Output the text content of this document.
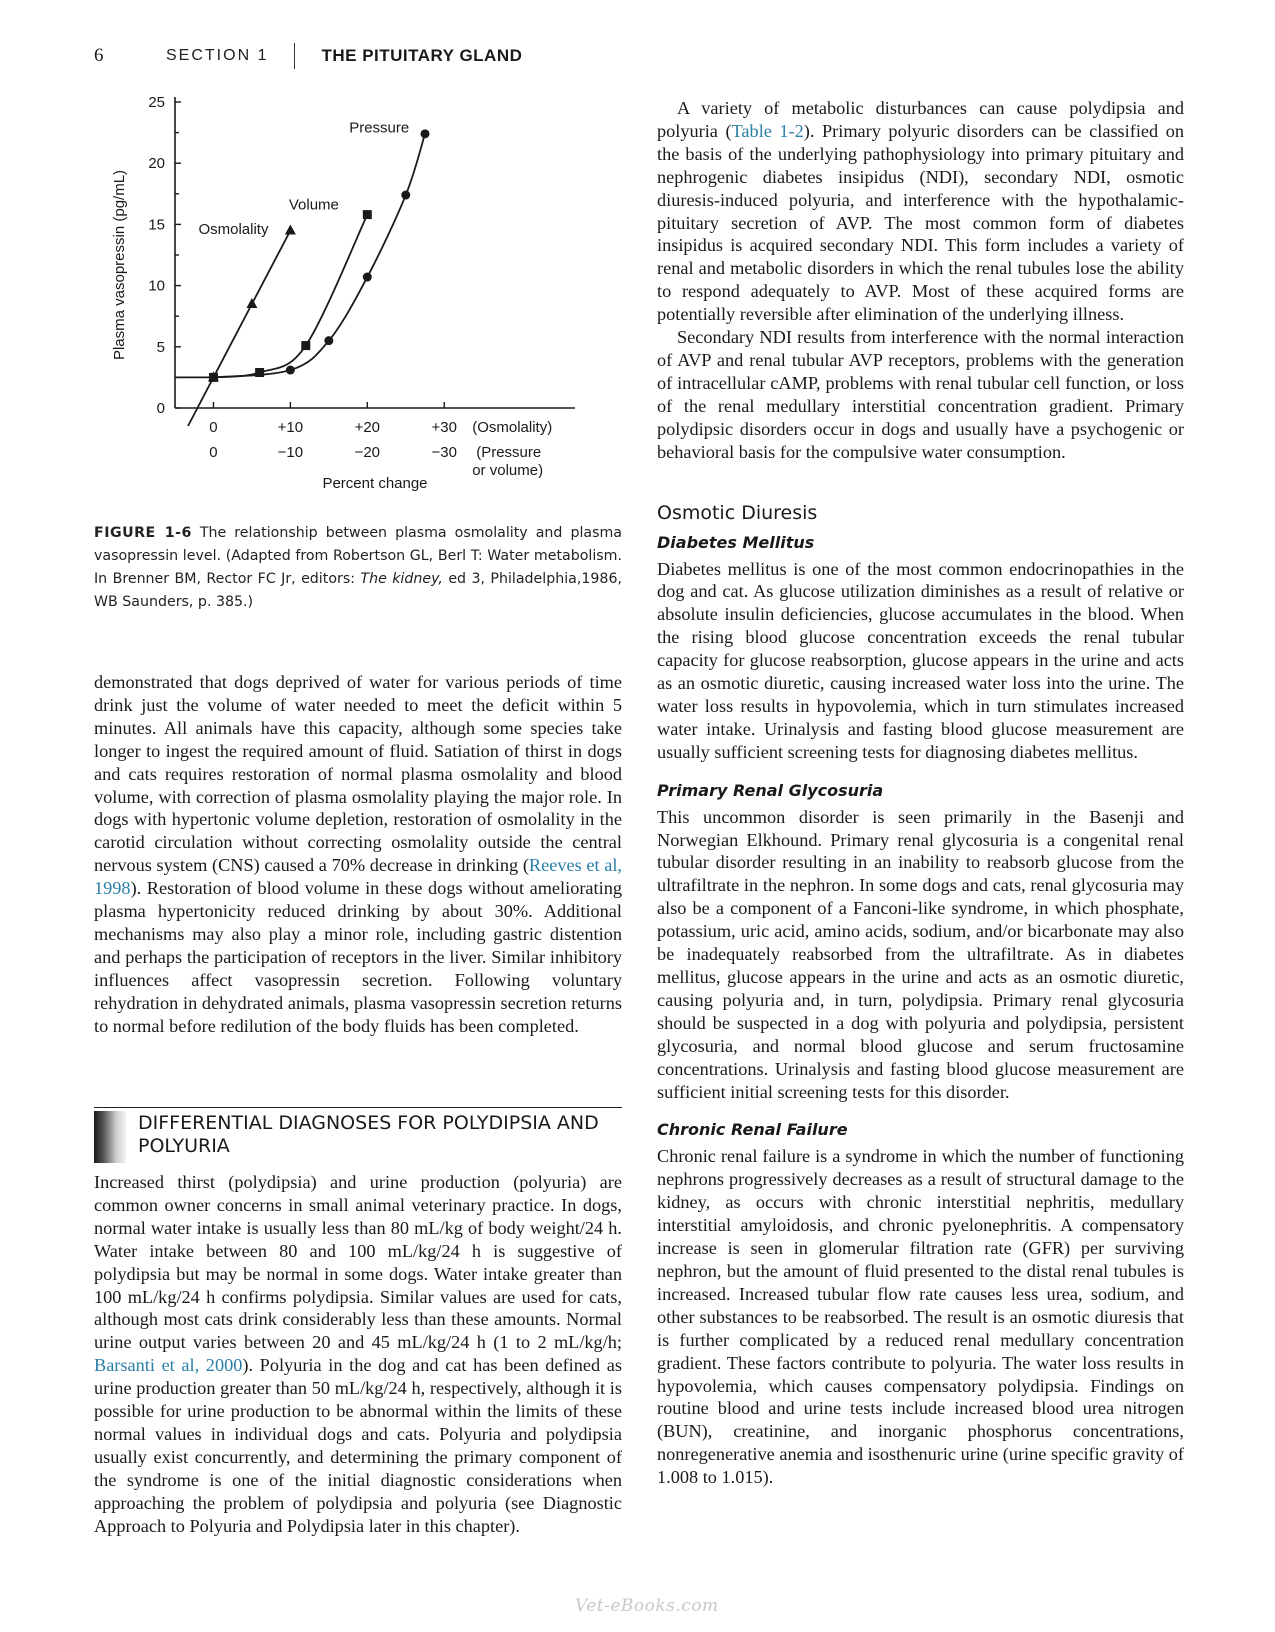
6	SECTION 1	THE PITUITARY GLAND
0
5
10
15
20
25
0
0
+10
−10
+20
−20
+30
−30
(Osmolality)
(Pressure
or volume)
Percent change
Plasma vasopressin (pg/mL)	Osmolality
Volume
Pressure
FIGURE 1-6 The relationship between plasma osmolality and plasma vasopressin level. (Adapted from Robertson GL, Berl T: Water metabolism. In Brenner BM, Rector FC Jr, editors: The kidney, ed 3, Philadelphia,1986, WB Saunders, p. 385.)

demonstrated that dogs deprived of water for various periods of time drink just the volume of water needed to meet the deficit within 5 minutes. All animals have this capacity, although some species take longer to ingest the required amount of fluid. Satiation of thirst in dogs and cats requires restoration of normal plasma osmolality and blood volume, with correction of plasma osmolality playing the major role. In dogs with hypertonic volume depletion, restoration of osmolality in the carotid circulation without correcting osmolality outside the central nervous system (CNS) caused a 70% decrease in drinking (Reeves et al, 1998). Restoration of blood volume in these dogs without ameliorating plasma hypertonicity reduced drinking by about 30%. Additional mechanisms may also play a minor role, including gastric distention and perhaps the participation of receptors in the liver. Similar inhibitory influences affect vasopressin secretion. Following voluntary rehydration in dehydrated animals, plasma vasopressin secretion returns to normal before redilution of the body fluids has been completed.

DIFFERENTIAL DIAGNOSES FOR POLYDIPSIA AND POLYURIA

Increased thirst (polydipsia) and urine production (polyuria) are common owner concerns in small animal veterinary practice. In dogs, normal water intake is usually less than 80 mL/kg of body weight/24 h. Water intake between 80 and 100 mL/kg/24 h is suggestive of polydipsia but may be normal in some dogs. Water intake greater than 100 mL/kg/24 h confirms polydipsia. Similar values are used for cats, although most cats drink considerably less than these amounts. Normal urine output varies between 20 and 45 mL/kg/24 h (1 to 2 mL/kg/h; Barsanti et al, 2000). Polyuria in the dog and cat has been defined as urine production greater than 50 mL/kg/24 h, respectively, although it is possible for urine production to be abnormal within the limits of these normal values in individual dogs and cats. Polyuria and polydipsia usually exist concurrently, and determining the primary component of the syndrome is one of the initial diagnostic considerations when approaching the problem of polydipsia and polyuria (see Diagnostic Approach to Polyuria and Polydipsia later in this chapter).

A variety of metabolic disturbances can cause polydipsia and polyuria (Table 1-2). Primary polyuric disorders can be classified on the basis of the underlying pathophysiology into primary pituitary and nephrogenic diabetes insipidus (NDI), secondary NDI, osmotic diuresis-induced polyuria, and interference with the hypothalamic-pituitary secretion of AVP. The most common form of diabetes insipidus is acquired secondary NDI. This form includes a variety of renal and metabolic disorders in which the renal tubules lose the ability to respond adequately to AVP. Most of these acquired forms are potentially reversible after elimination of the underlying illness.

Secondary NDI results from interference with the normal interaction of AVP and renal tubular AVP receptors, problems with the generation of intracellular cAMP, problems with renal tubular cell function, or loss of the renal medullary interstitial concentration gradient. Primary polydipsic disorders occur in dogs and usually have a psychogenic or behavioral basis for the compulsive water consumption.

Osmotic Diuresis
Diabetes Mellitus

Diabetes mellitus is one of the most common endocrinopathies in the dog and cat. As glucose utilization diminishes as a result of relative or absolute insulin deficiencies, glucose accumulates in the blood. When the rising blood glucose concentration exceeds the renal tubular capacity for glucose reabsorption, glucose appears in the urine and acts as an osmotic diuretic, causing increased water loss into the urine. The water loss results in hypovolemia, which in turn stimulates increased water intake. Urinalysis and fasting blood glucose measurement are usually sufficient screening tests for diagnosing diabetes mellitus.

Primary Renal Glycosuria

This uncommon disorder is seen primarily in the Basenji and Norwegian Elkhound. Primary renal glycosuria is a congenital renal tubular disorder resulting in an inability to reabsorb glucose from the ultrafiltrate in the nephron. In some dogs and cats, renal glycosuria may also be a component of a Fanconi-like syndrome, in which phosphate, potassium, uric acid, amino acids, sodium, and/or bicarbonate may also be inadequately reabsorbed from the ultrafiltrate. As in diabetes mellitus, glucose appears in the urine and acts as an osmotic diuretic, causing polyuria and, in turn, polydipsia. Primary renal glycosuria should be suspected in a dog with polyuria and polydipsia, persistent glycosuria, and normal blood glucose and serum fructosamine concentrations. Urinalysis and fasting blood glucose measurement are sufficient initial screening tests for this disorder.

Chronic Renal Failure

Chronic renal failure is a syndrome in which the number of functioning nephrons progressively decreases as a result of structural damage to the kidney, as occurs with chronic interstitial nephritis, medullary interstitial amyloidosis, and chronic pyelonephritis. A compensatory increase is seen in glomerular filtration rate (GFR) per surviving nephron, but the amount of fluid presented to the distal renal tubules is increased. Increased tubular flow rate causes less urea, sodium, and other substances to be reabsorbed. The result is an osmotic diuresis that is further complicated by a reduced renal medullary concentration gradient. These factors contribute to polyuria. The water loss results in hypovolemia, which causes compensatory polydipsia. Findings on routine blood and urine tests include increased blood urea nitrogen (BUN), creatinine, and inorganic phosphorus concentrations, nonregenerative anemia and isosthenuric urine (urine specific gravity of 1.008 to 1.015).

Vet-eBooks.com
